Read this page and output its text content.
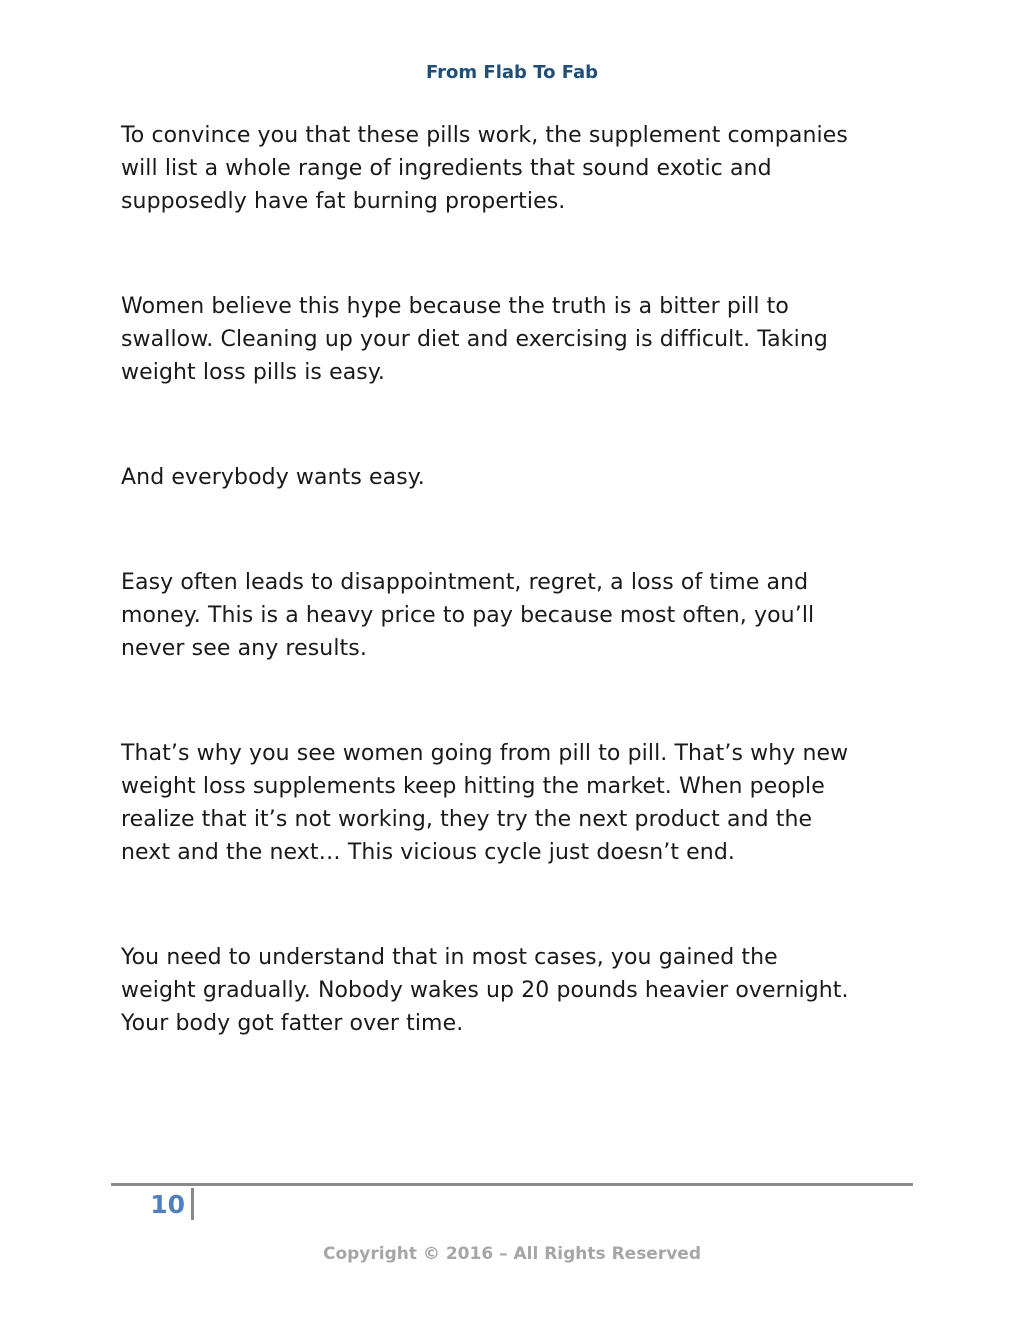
From Flab To Fab

To convince you that these pills work, the supplement companies
will list a whole range of ingredients that sound exotic and
supposedly have fat burning properties.

Women believe this hype because the truth is a bitter pill to
swallow. Cleaning up your diet and exercising is difficult. Taking
weight loss pills is easy.

And everybody wants easy.

Easy often leads to disappointment, regret, a loss of time and
money. This is a heavy price to pay because most often, you’ll
never see any results.

That’s why you see women going from pill to pill. That’s why new
weight loss supplements keep hitting the market. When people
realize that it’s not working, they try the next product and the
next and the next… This vicious cycle just doesn’t end.

You need to understand that in most cases, you gained the
weight gradually. Nobody wakes up 20 pounds heavier overnight.
Your body got fatter over time.

10
Copyright © 2016 – All Rights Reserved
